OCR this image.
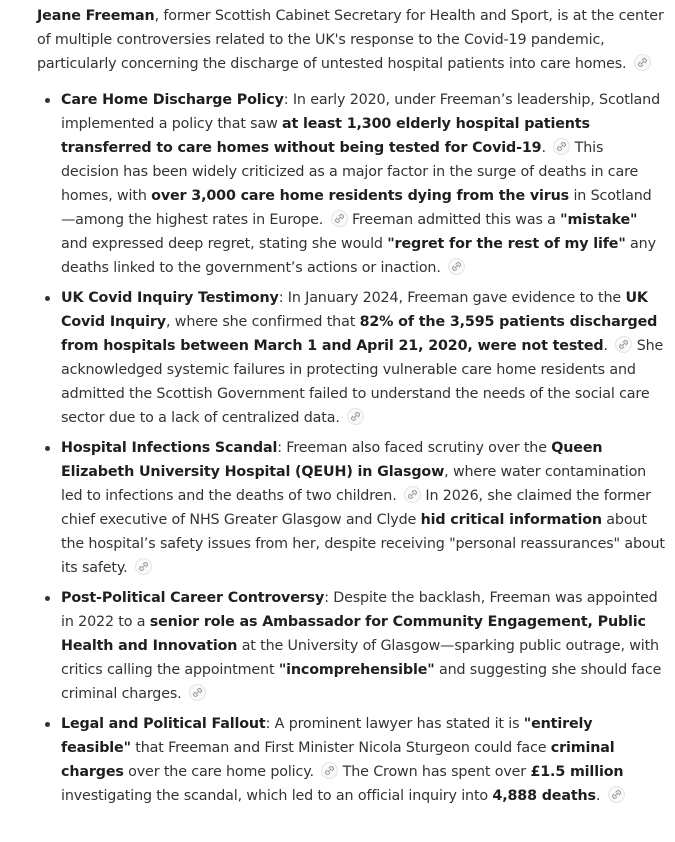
Jeane Freeman, former Scottish Cabinet Secretary for Health and Sport, is at the center of multiple controversies related to the UK's response to the Covid-19 pandemic, particularly concerning the discharge of untested hospital patients into care homes.

Care Home Discharge Policy: In early 2020, under Freeman’s leadership, Scotland implemented a policy that saw at least 1,300 elderly hospital patients transferred to care homes without being tested for Covid-19.
This decision has been widely criticized as a major factor in the surge of deaths in care homes, with over 3,000 care home residents dying from the virus in Scotland—among the highest rates in Europe.
Freeman admitted this was a "mistake" and expressed deep regret, stating she would "regret for the rest of my life" any deaths linked to the government’s actions or inaction.
UK Covid Inquiry Testimony: In January 2024, Freeman gave evidence to the UK Covid Inquiry, where she confirmed that 82% of the 3,595 patients discharged from hospitals between March 1 and April 21, 2020, were not tested.
She acknowledged systemic failures in protecting vulnerable care home residents and admitted the Scottish Government failed to understand the needs of the social care sector due to a lack of centralized data.
Hospital Infections Scandal: Freeman also faced scrutiny over the Queen Elizabeth University Hospital (QEUH) in Glasgow, where water contamination led to infections and the deaths of two children.
In 2026, she claimed the former chief executive of NHS Greater Glasgow and Clyde hid critical information about the hospital’s safety issues from her, despite receiving "personal reassurances" about its safety.
Post-Political Career Controversy: Despite the backlash, Freeman was appointed in 2022 to a senior role as Ambassador for Community Engagement, Public Health and Innovation at the University of Glasgow—sparking public outrage, with critics calling the appointment "incomprehensible" and suggesting she should face criminal charges.
Legal and Political Fallout: A prominent lawyer has stated it is "entirely feasible" that Freeman and First Minister Nicola Sturgeon could face criminal charges over the care home policy.
The Crown has spent over £1.5 million investigating the scandal, which led to an official inquiry into 4,888 deaths.
